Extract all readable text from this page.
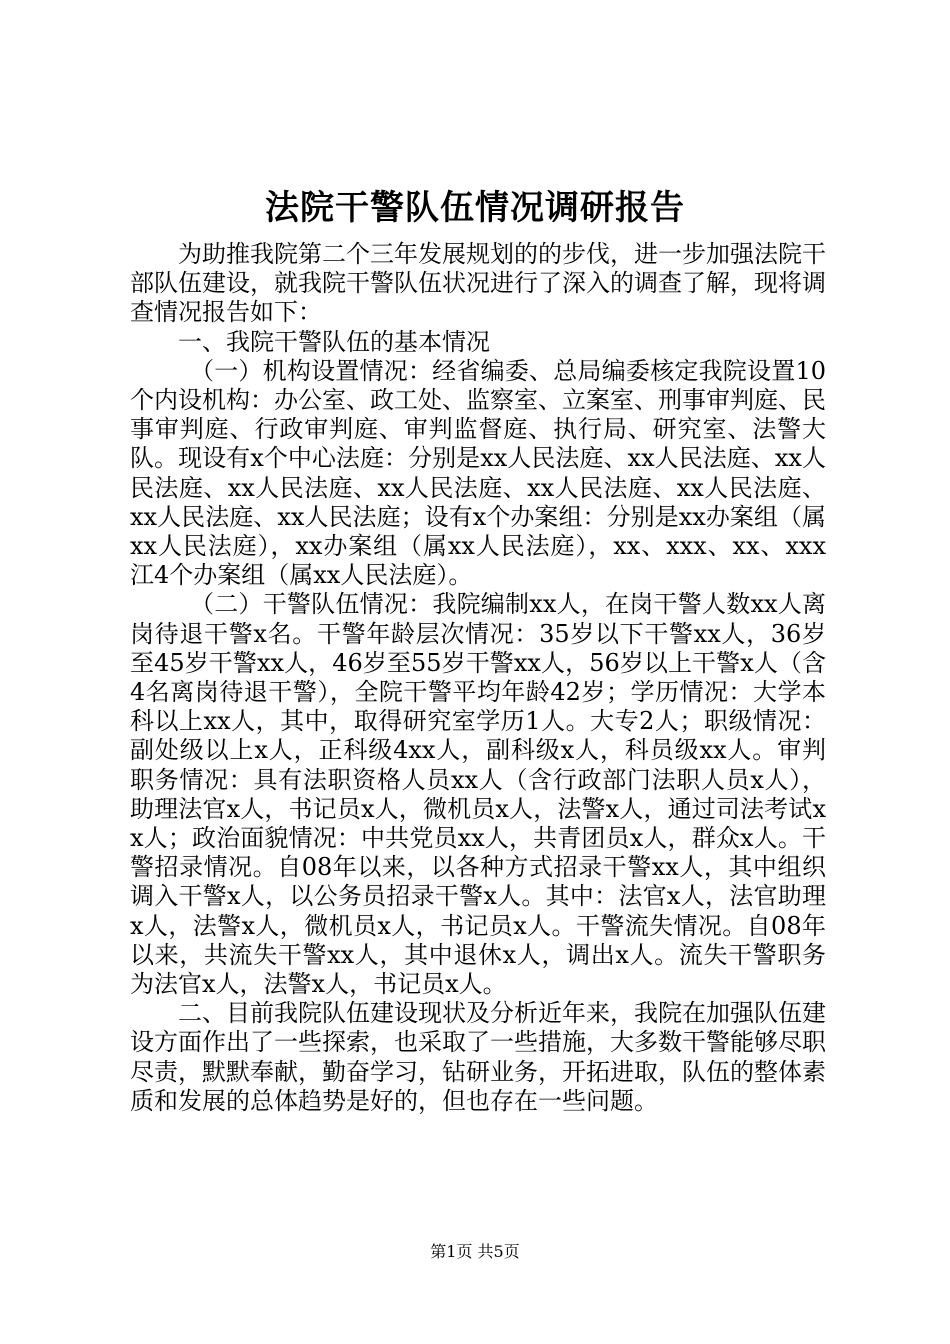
法院干警队伍情况调研报告

为助推我院第二个三年发展规划的的步伐，进一步加强法院干部队伍建设，就我院干警队伍状况进行了深入的调查了解，现将调查情况报告如下：

一、我院干警队伍的基本情况

（一）机构设置情况：经省编委、总局编委核定我院设置10个内设机构：办公室、政工处、监察室、立案室、刑事审判庭、民事审判庭、行政审判庭、审判监督庭、执行局、研究室、法警大队。现设有x个中心法庭：分别是xx人民法庭、xx人民法庭、xx人民法庭、xx人民法庭、xx人民法庭、xx人民法庭、xx人民法庭、xx人民法庭、xx人民法庭；设有x个办案组：分别是xx办案组（属xx人民法庭），xx办案组（属xx人民法庭），xx、xxx、xx、xxx江4个办案组（属xx人民法庭）。

（二）干警队伍情况：我院编制xx人，在岗干警人数xx人离岗待退干警x名。干警年龄层次情况：35岁以下干警xx人，36岁至45岁干警xx人，46岁至55岁干警xx人，56岁以上干警x人（含4名离岗待退干警），全院干警平均年龄42岁；学历情况：大学本科以上xx人，其中，取得研究室学历1人。大专2人；职级情况：副处级以上x人，正科级4xx人，副科级x人，科员级xx人。审判职务情况：具有法职资格人员xx人（含行政部门法职人员x人），助理法官x人，书记员x人，微机员x人，法警x人，通过司法考试xx人；政治面貌情况：中共党员xx人，共青团员x人，群众x人。干警招录情况。自08年以来，以各种方式招录干警xx人，其中组织调入干警x人，以公务员招录干警x人。其中：法官x人，法官助理x人，法警x人，微机员x人，书记员x人。干警流失情况。自08年以来，共流失干警xx人，其中退休x人，调出x人。流失干警职务为法官x人，法警x人，书记员x人。

二、目前我院队伍建设现状及分析近年来，我院在加强队伍建设方面作出了一些探索，也采取了一些措施，大多数干警能够尽职尽责，默默奉献，勤奋学习，钻研业务，开拓进取，队伍的整体素质和发展的总体趋势是好的，但也存在一些问题。

第1页 共5页
